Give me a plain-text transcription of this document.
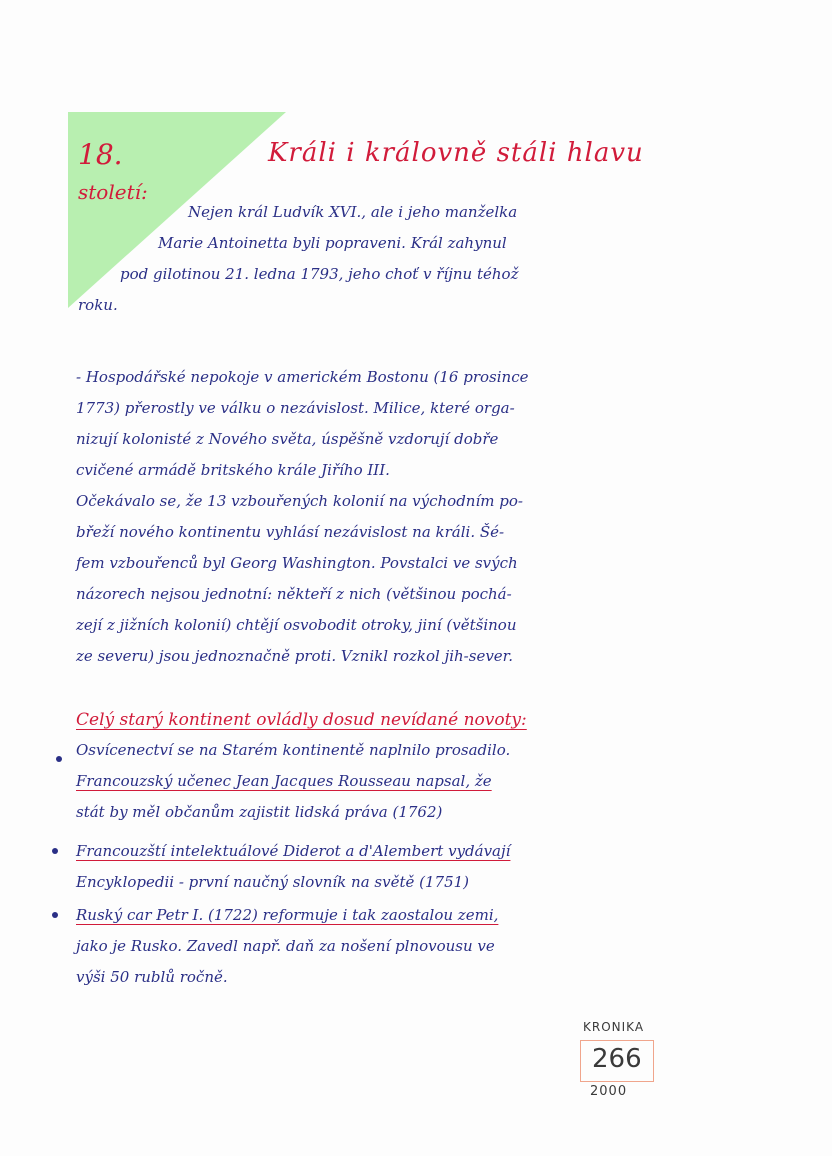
18.
století:
Králi i královně stáli hlavu
Nejen král Ludvík XVI., ale i jeho manželka
Marie Antoinetta byli popraveni. Král zahynul
pod gilotinou 21. ledna 1793, jeho choť v říjnu téhož
roku.
- Hospodářské nepokoje v americkém Bostonu (16 prosince
1773) přerostly ve válku o nezávislost. Milice, které orga-
nizují kolonisté z Nového světa, úspěšně vzdorují dobře
cvičené armádě britského krále Jiřího III.
Očekávalo se, že 13 vzbouřených kolonií na východním po-
břeží nového kontinentu vyhlásí nezávislost na králi. Šé-
fem vzbouřenců byl Georg Washington. Povstalci ve svých
názorech nejsou jednotní: někteří z nich (většinou pochá-
zejí z jižních kolonií) chtějí osvobodit otroky, jiní (většinou
ze severu) jsou jednoznačně proti. Vznikl rozkol jih-sever.
Celý starý kontinent ovládly dosud nevídané novoty:
Osvícenectví se na Starém kontinentě naplnilo prosadilo.
Francouzský učenec Jean Jacques Rousseau napsal, že
stát by měl občanům zajistit lidská práva (1762)
Francouzští intelektuálové Diderot a d'Alembert vydávají
Encyklopedii - první naučný slovník na světě (1751)
Ruský car Petr I. (1722) reformuje i tak zaostalou zemi,
jako je Rusko. Zavedl např. daň za nošení plnovousu ve
výši 50 rublů ročně.
KRONIKA
266
2000
